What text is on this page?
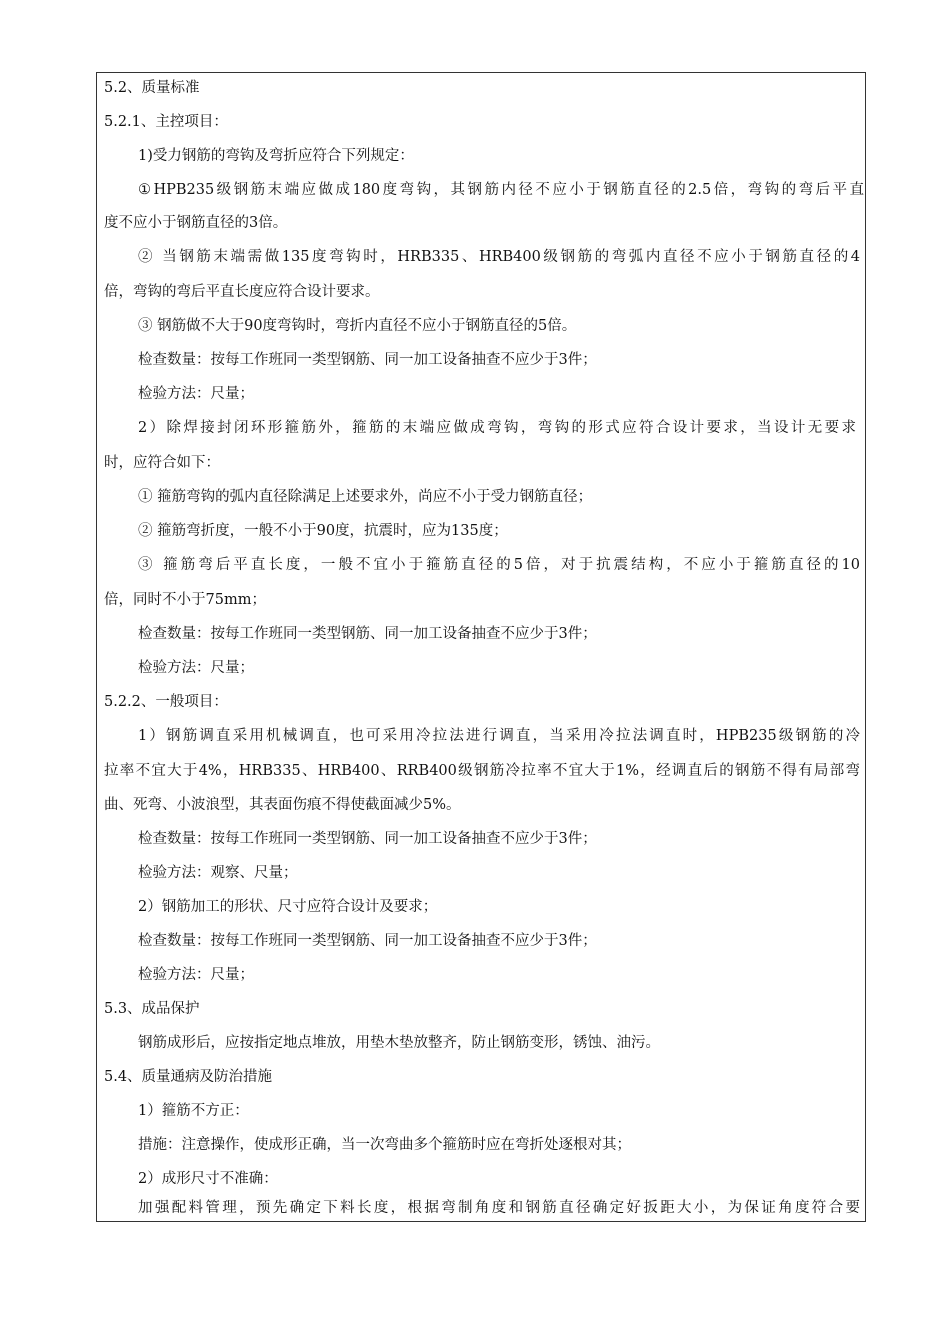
5.2、质量标准
5.2.1、主控项目：
1)受力钢筋的弯钩及弯折应符合下列规定：
①HPB235级钢筋末端应做成180度弯钩，其钢筋内径不应小于钢筋直径的2.5倍，弯钩的弯后平直
度不应小于钢筋直径的3倍。
② 当钢筋末端需做135度弯钩时，HRB335、HRB400级钢筋的弯弧内直径不应小于钢筋直径的4
倍，弯钩的弯后平直长度应符合设计要求。
③ 钢筋做不大于90度弯钩时，弯折内直径不应小于钢筋直径的5倍。
检查数量：按每工作班同一类型钢筋、同一加工设备抽查不应少于3件；
检验方法：尺量；
2）除焊接封闭环形箍筋外，箍筋的末端应做成弯钩，弯钩的形式应符合设计要求，当设计无要求
时，应符合如下：
① 箍筋弯钩的弧内直径除满足上述要求外，尚应不小于受力钢筋直径；
② 箍筋弯折度，一般不小于90度，抗震时，应为135度；
③ 箍筋弯后平直长度，一般不宜小于箍筋直径的5倍，对于抗震结构，不应小于箍筋直径的10
倍，同时不小于75mm；
检查数量：按每工作班同一类型钢筋、同一加工设备抽查不应少于3件；
检验方法：尺量；
5.2.2、一般项目：
1）钢筋调直采用机械调直，也可采用冷拉法进行调直，当采用冷拉法调直时，HPB235级钢筋的冷
拉率不宜大于4%，HRB335、HRB400、RRB400级钢筋冷拉率不宜大于1%，经调直后的钢筋不得有局部弯
曲、死弯、小波浪型，其表面伤痕不得使截面减少5%。
检查数量：按每工作班同一类型钢筋、同一加工设备抽查不应少于3件；
检验方法：观察、尺量；
2）钢筋加工的形状、尺寸应符合设计及要求；
检查数量：按每工作班同一类型钢筋、同一加工设备抽查不应少于3件；
检验方法：尺量；
5.3、成品保护
钢筋成形后，应按指定地点堆放，用垫木垫放整齐，防止钢筋变形，锈蚀、油污。
5.4、质量通病及防治措施
1）箍筋不方正：
措施：注意操作，使成形正确，当一次弯曲多个箍筋时应在弯折处逐根对其；
2）成形尺寸不准确：
加强配料管理，预先确定下料长度，根据弯制角度和钢筋直径确定好扳距大小，为保证角度符合要
